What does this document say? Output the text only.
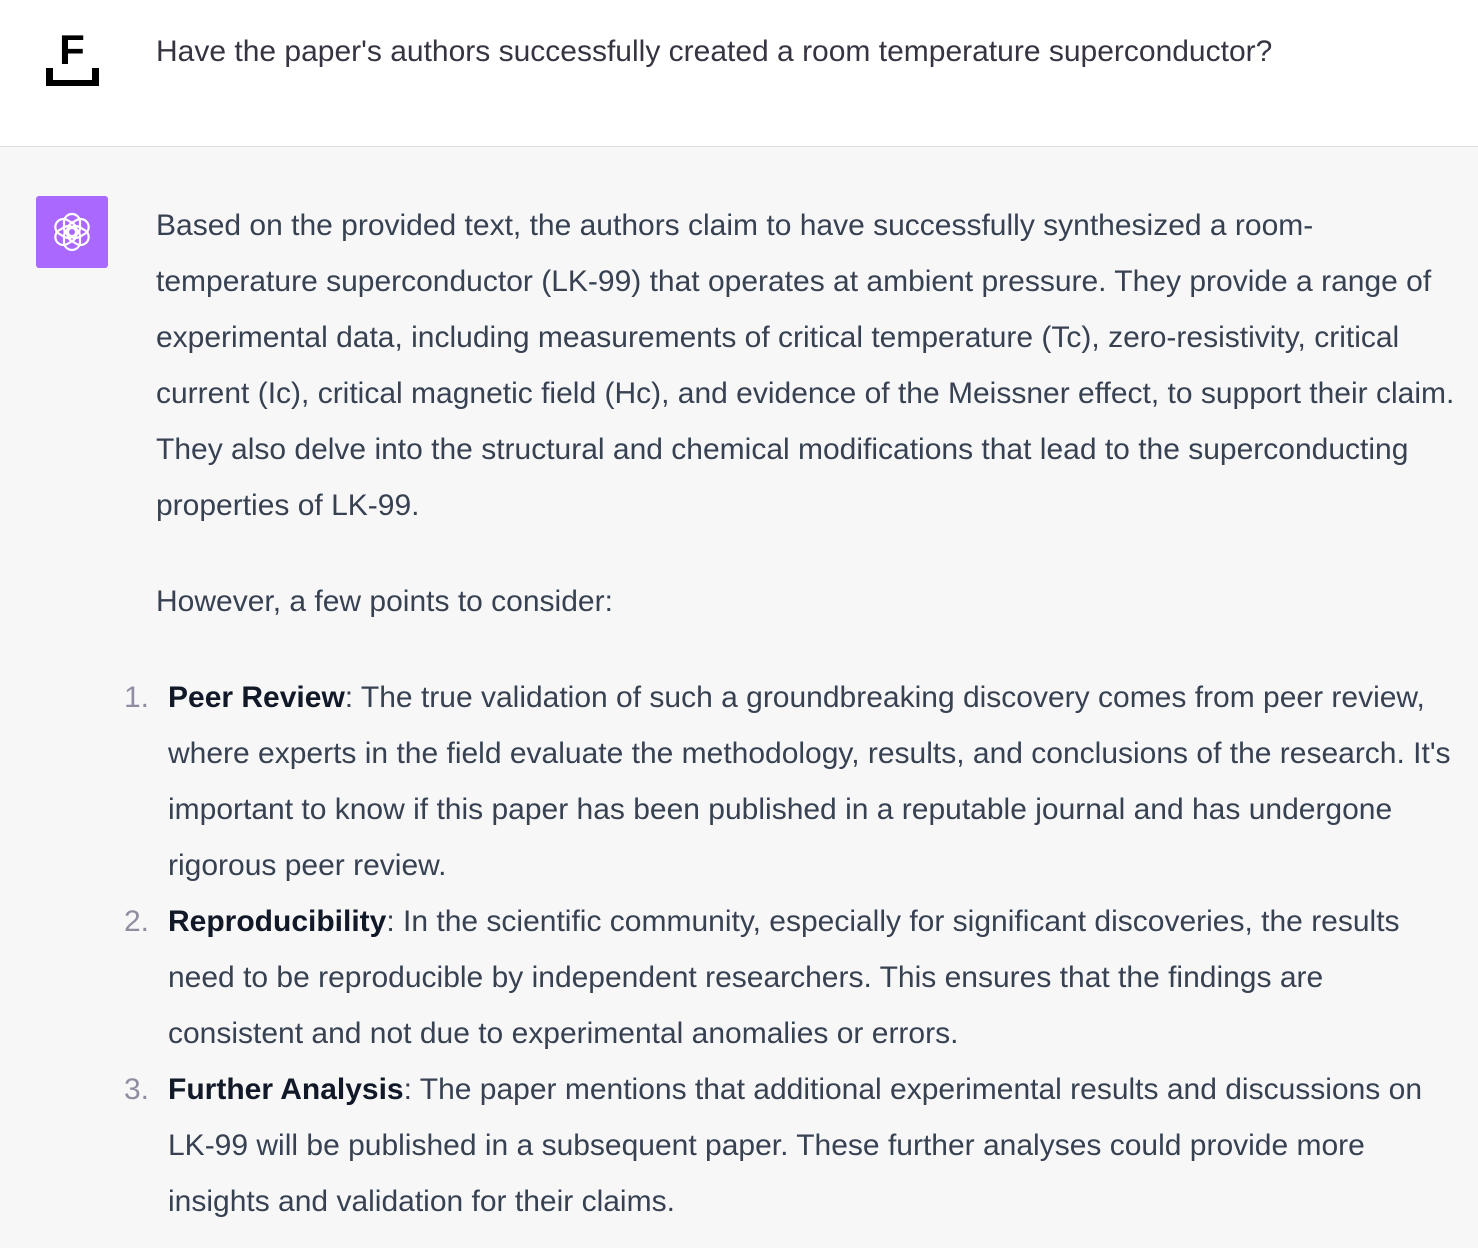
F Have the paper's authors successfully created a room temperature superconductor?

Based on the provided text, the authors claim to have successfully synthesized a room-temperature superconductor (LK-99) that operates at ambient pressure. They provide a range of experimental data, including measurements of critical temperature (Tc), zero-resistivity, critical current (Ic), critical magnetic field (Hc), and evidence of the Meissner effect, to support their claim. They also delve into the structural and chemical modifications that lead to the superconducting properties of LK-99.

However, a few points to consider:

1. Peer Review: The true validation of such a groundbreaking discovery comes from peer review, where experts in the field evaluate the methodology, results, and conclusions of the research. It's important to know if this paper has been published in a reputable journal and has undergone rigorous peer review.
2. Reproducibility: In the scientific community, especially for significant discoveries, the results need to be reproducible by independent researchers. This ensures that the findings are consistent and not due to experimental anomalies or errors.
3. Further Analysis: The paper mentions that additional experimental results and discussions on LK-99 will be published in a subsequent paper. These further analyses could provide more insights and validation for their claims.
